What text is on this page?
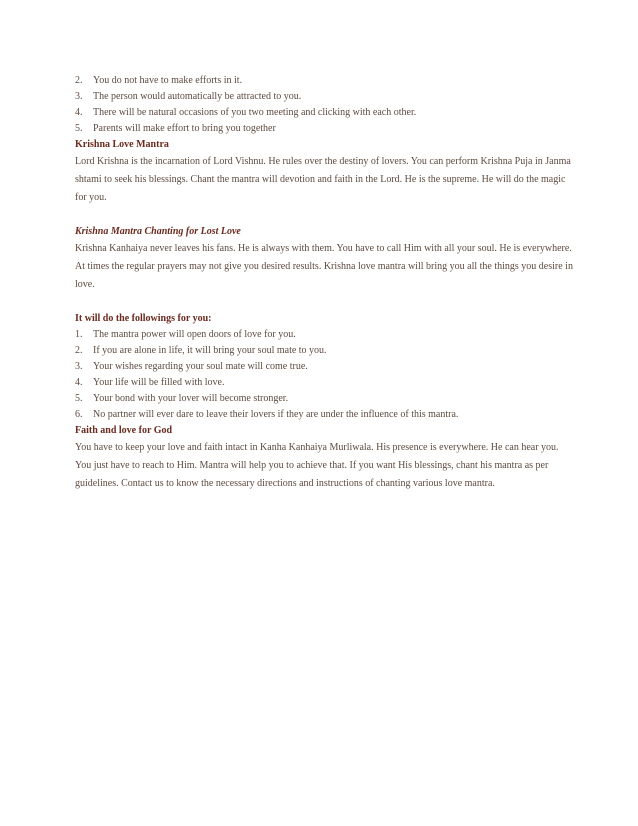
2.	You do not have to make efforts in it.
3.	The person would automatically be attracted to you.
4.	There will be natural occasions of you two meeting and clicking with each other.
5.	Parents will make effort to bring you together
Krishna Love Mantra

Lord Krishna is the incarnation of Lord Vishnu. He rules over the destiny of lovers. You can perform Krishna Puja in Janma shtami to seek his blessings. Chant the mantra will devotion and faith in the Lord. He is the supreme. He will do the magic for you.

Krishna Mantra Chanting for Lost Love

Krishna Kanhaiya never leaves his fans. He is always with them. You have to call Him with all your soul. He is everywhere. At times the regular prayers may not give you desired results. Krishna love mantra will bring you all the things you desire in love.

It will do the followings for you:
1.	The mantra power will open doors of love for you.
2.	If you are alone in life, it will bring your soul mate to you.
3.	Your wishes regarding your soul mate will come true.
4.	Your life will be filled with love.
5.	Your bond with your lover will become stronger.
6.	No partner will ever dare to leave their lovers if they are under the influence of this mantra.
Faith and love for God

You have to keep your love and faith intact in Kanha Kanhaiya Murliwala. His presence is everywhere. He can hear you. You just have to reach to Him. Mantra will help you to achieve that. If you want His blessings, chant his mantra as per guidelines. Contact us to know the necessary directions and instructions of chanting various love mantra.
